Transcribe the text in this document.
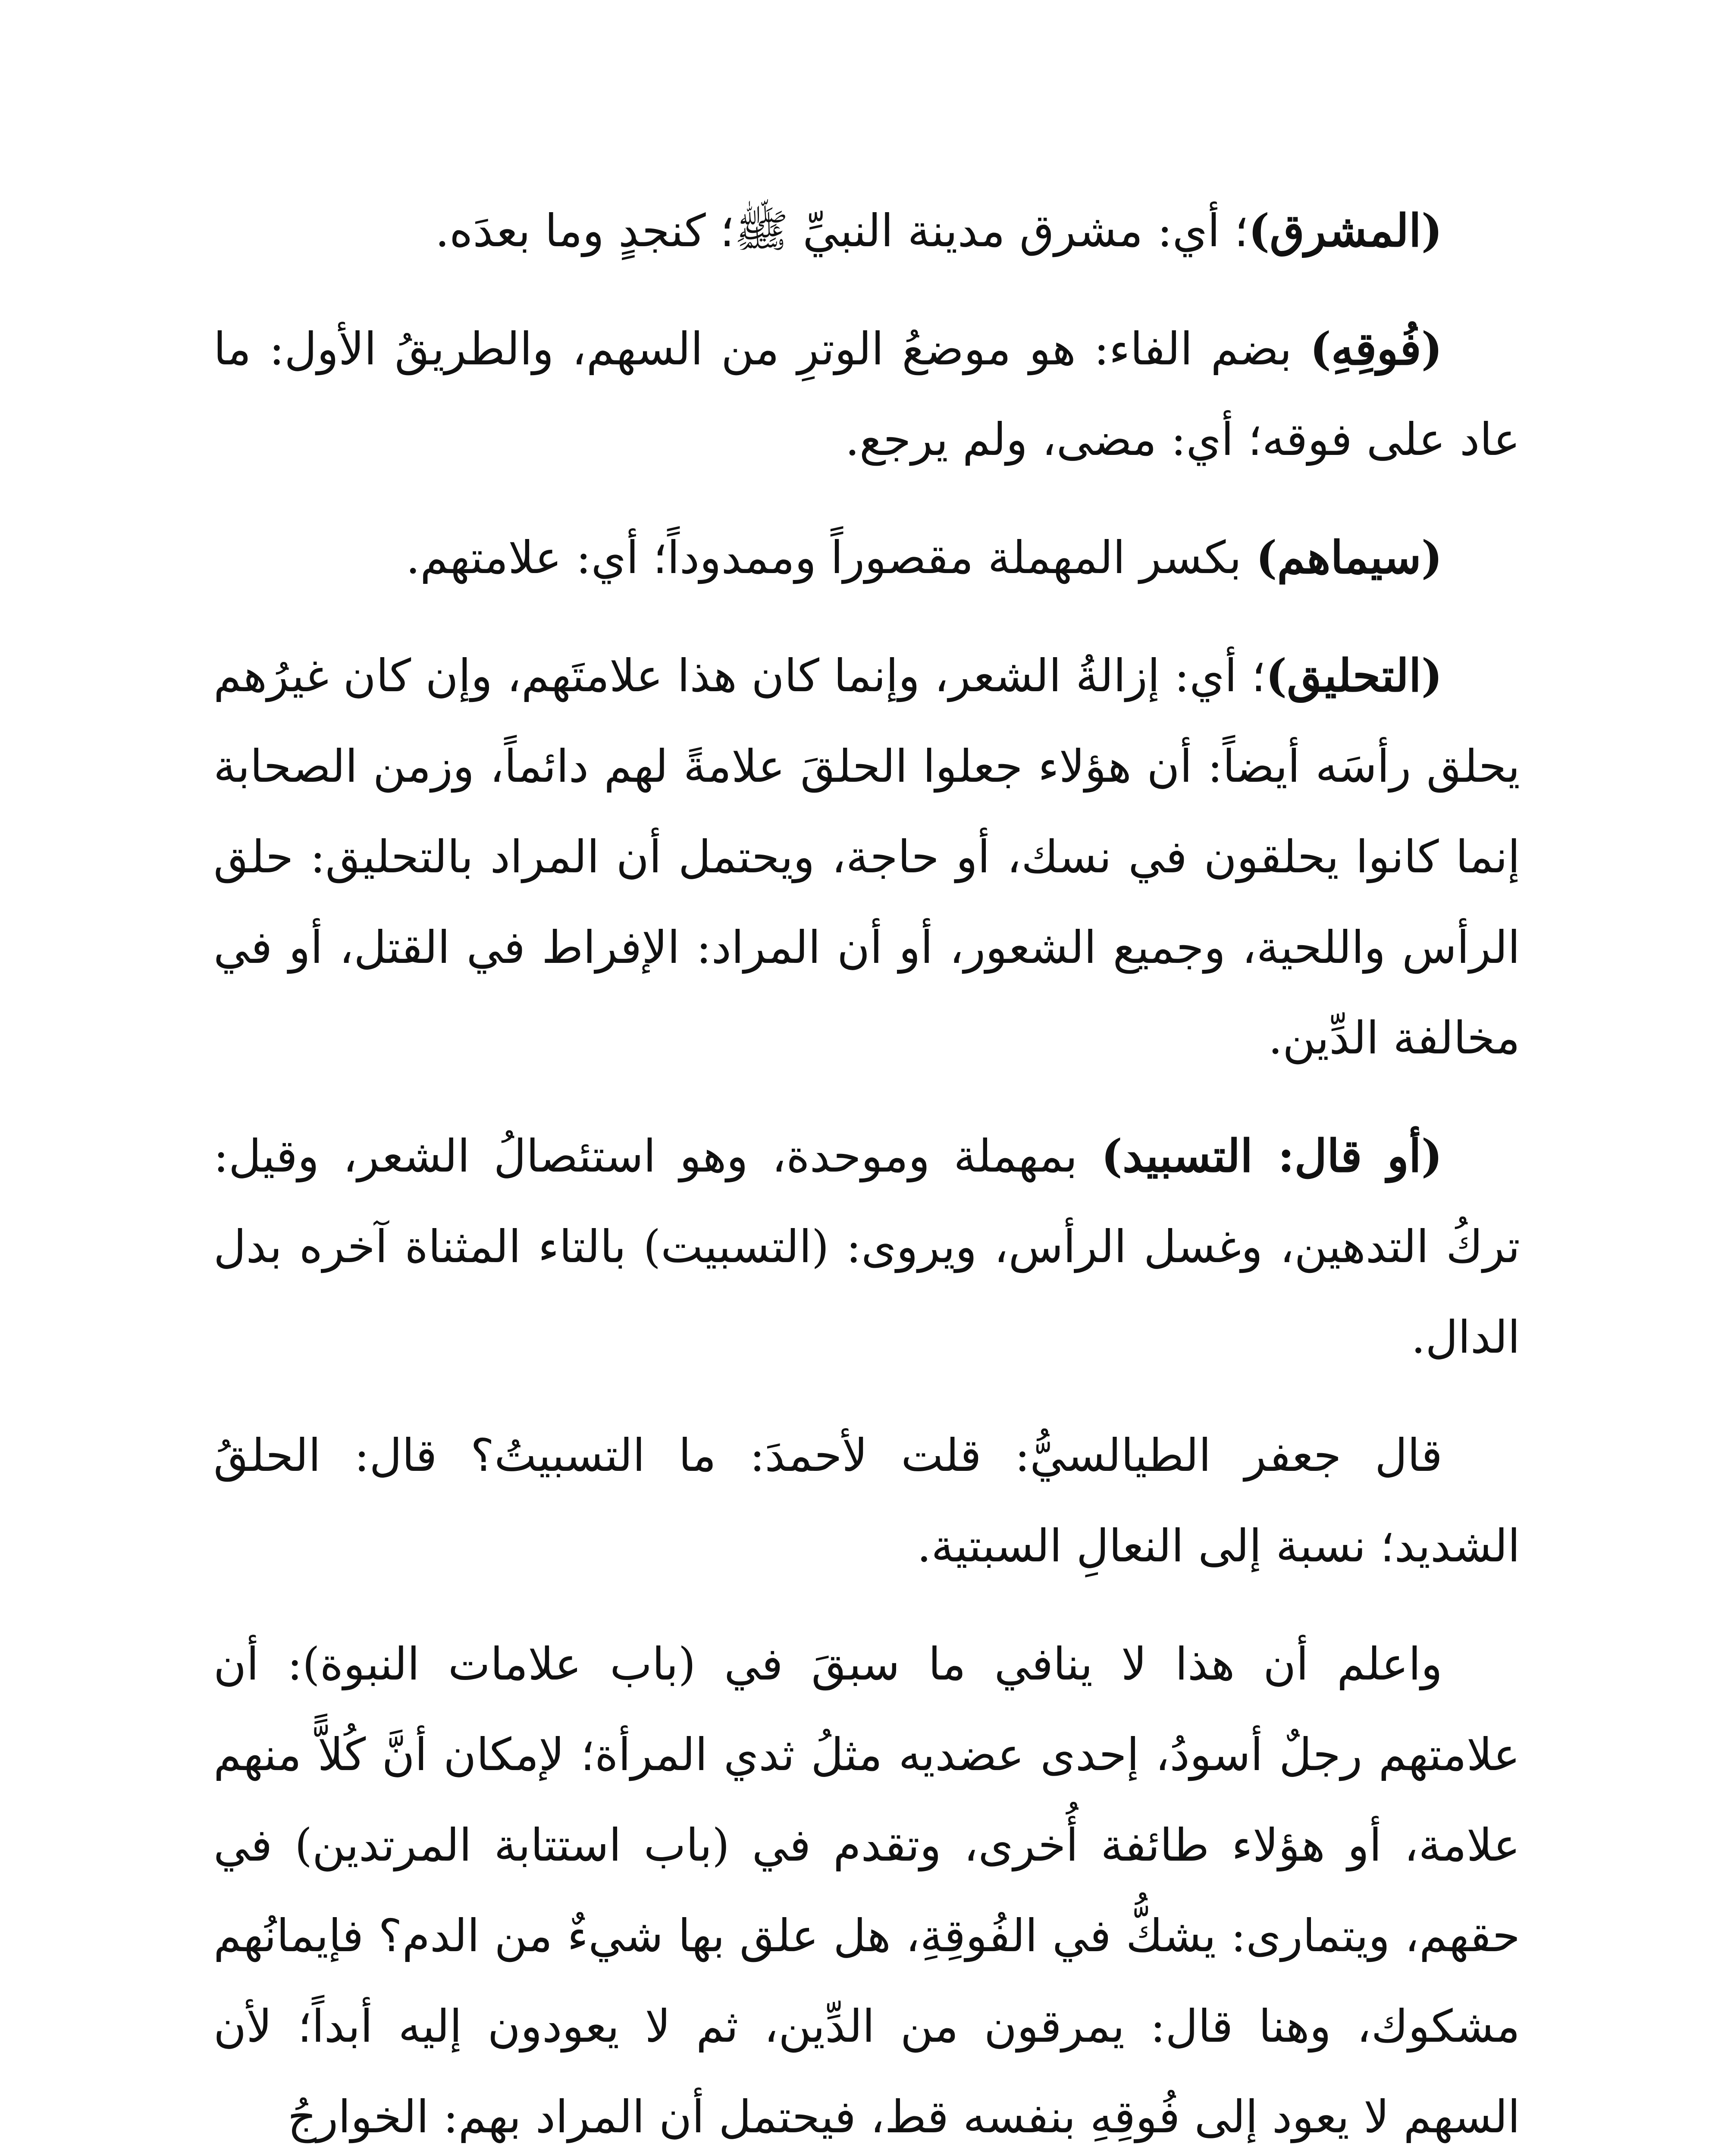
(المشرق)؛ أي: مشرق مدينة النبيِّ ﷺ؛ كنجدٍ وما بعدَه.

(فُوقِهِ) بضم الفاء: هو موضعُ الوترِ من السهم، والطريقُ الأول: ما عاد على فوقه؛ أي: مضى، ولم يرجع.

(سيماهم) بكسر المهملة مقصوراً وممدوداً؛ أي: علامتهم.

(التحليق)؛ أي: إزالةُ الشعر، وإنما كان هذا علامتَهم، وإن كان غيرُهم يحلق رأسَه أيضاً: أن هؤلاء جعلوا الحلقَ علامةً لهم دائماً، وزمن الصحابة إنما كانوا يحلقون في نسك، أو حاجة، ويحتمل أن المراد بالتحليق: حلق الرأس واللحية، وجميع الشعور، أو أن المراد: الإفراط في القتل، أو في مخالفة الدِّين.

(أو قال: التسبيد) بمهملة وموحدة، وهو استئصالُ الشعر، وقيل: تركُ التدهين، وغسل الرأس، ويروى: (التسبيت) بالتاء المثناة آخره بدل الدال.

قال جعفر الطيالسيُّ: قلت لأحمدَ: ما التسبيتُ؟ قال: الحلقُ الشديد؛ نسبة إلى النعالِ السبتية.

واعلم أن هذا لا ينافي ما سبقَ في (باب علامات النبوة): أن علامتهم رجلٌ أسودُ، إحدى عضديه مثلُ ثدي المرأة؛ لإمكان أنَّ كُلاًّ منهم علامة، أو هؤلاء طائفة أُخرى، وتقدم في (باب استتابة المرتدين) في حقهم، ويتمارى: يشكُّ في الفُوقِةِ، هل علق بها شيءٌ من الدم؟ فإيمانُهم مشكوك، وهنا قال: يمرقون من الدِّين، ثم لا يعودون إليه أبداً؛ لأن السهم لا يعود إلى فُوقِهِ بنفسه قط، فيحتمل أن المراد بهم: الخوارجُ
